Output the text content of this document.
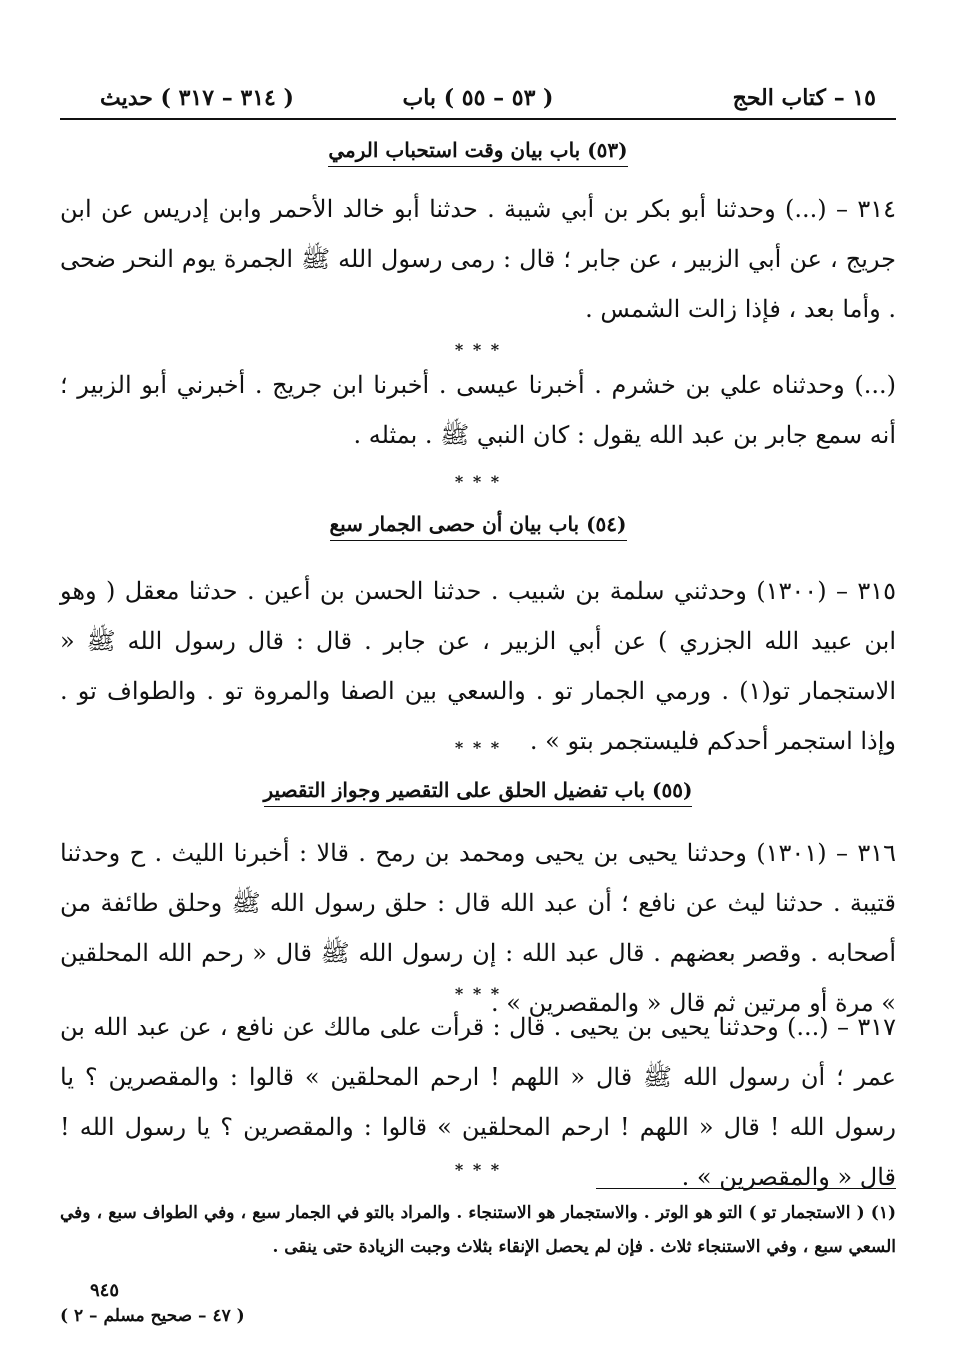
١٥ – كتاب الحج
( ٥٣ – ٥٥ ) باب
( ٣١٤ – ٣١٧ ) حديث
(٥٣) باب بيان وقت استحباب الرمي
٣١٤ – (...) وحدثنا أبو بكر بن أبي شيبة . حدثنا أبو خالد الأحمر وابن إدريس عن ابن جريج ، عن أبي الزبير ، عن جابر ؛ قال : رمى رسول الله ﷺ الجمرة يوم النحر ضحى . وأما بعد ، فإذا زالت الشمس .
* * *
(...) وحدثناه علي بن خشرم . أخبرنا عيسى . أخبرنا ابن جريج . أخبرني أبو الزبير ؛ أنه سمع جابر بن عبد الله يقول : كان النبي ﷺ . بمثله .
* * *
(٥٤) باب بيان أن حصى الجمار سبع
٣١٥ – (١٣٠٠) وحدثني سلمة بن شبيب . حدثنا الحسن بن أعين . حدثنا معقل ( وهو ابن عبيد الله الجزري ) عن أبي الزبير ، عن جابر . قال : قال رسول الله ﷺ « الاستجمار تو(١) . ورمي الجمار تو . والسعي بين الصفا والمروة تو . والطواف تو . وإذا استجمر أحدكم فليستجمر بتو » .
* * *
(٥٥) باب تفضيل الحلق على التقصير وجواز التقصير
٣١٦ – (١٣٠١) وحدثنا يحيى بن يحيى ومحمد بن رمح . قالا : أخبرنا الليث . ح وحدثنا قتيبة . حدثنا ليث عن نافع ؛ أن عبد الله قال : حلق رسول الله ﷺ وحلق طائفة من أصحابه . وقصر بعضهم . قال عبد الله : إن رسول الله ﷺ قال « رحم الله المحلقين » مرة أو مرتين ثم قال « والمقصرين » .
* * *
٣١٧ – (...) وحدثنا يحيى بن يحيى . قال : قرأت على مالك عن نافع ، عن عبد الله بن عمر ؛ أن رسول الله ﷺ قال « اللهم ! ارحم المحلقين » قالوا : والمقصرين ؟ يا رسول الله ! قال « اللهم ! ارحم المحلقين » قالوا : والمقصرين ؟ يا رسول الله ! قال « والمقصرين » .
* * *
(١) ( الاستجمار تو ) التو هو الوتر . والاستجمار هو الاستنجاء . والمراد بالتو في الجمار سبع ، وفي الطواف سبع ، وفي السعي سبع ، وفي الاستنجاء ثلاث . فإن لم يحصل الإنقاء بثلاث وجبت الزيادة حتى ينقى .
٩٤٥
( ٤٧ – صحيح مسلم – ٢ )
